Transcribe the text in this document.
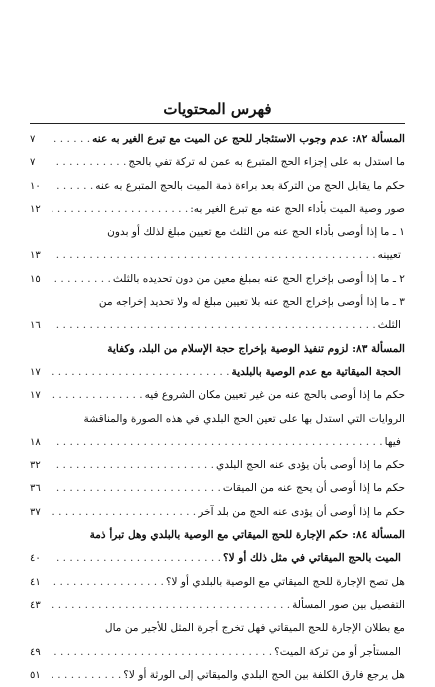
فهرس المحتويات
المسألة ٨٢: عدم وجوب الاستئجار للحج عن الميت مع تبرع الغير به عنه
. . .
٧
ما استدل به على إجزاء الحج المتبرع به عمن له تركة تفي بالحج
. . .
٧
حكم ما يقابل الحج من التركة بعد براءة ذمة الميت بالحج المتبرع به عنه
. . .
١٠
صور وصية الميت بأداء الحج عنه مع تبرع الغير به:
. . .
١٢
١ ـ ما إذا أوصى بأداء الحج عنه من الثلث مع تعيين مبلغ لذلك أو بدون
تعيينه
. . .
١٣
٢ ـ ما إذا أوصى بإخراج الحج عنه بمبلغ معين من دون تحديده بالثلث
. . .
١٥
٣ ـ ما إذا أوصى بإخراج الحج عنه بلا تعيين مبلغ له ولا تحديد إخراجه من
الثلث
. . .
١٦
المسألة ٨٣: لزوم تنفيذ الوصية بإخراج حجة الإسلام من البلد، وكفاية
الحجة الميقاتية مع عدم الوصية بالبلدية
. . .
١٧
حكم ما إذا أوصى بالحج عنه من غير تعيين مكان الشروع فيه
. . .
١٧
الروايات التي استدل بها على تعين الحج البلدي في هذه الصورة والمناقشة
فيها
. . .
١٨
حكم ما إذا أوصى بأن يؤدى عنه الحج البلدي
. . .
٣٢
حكم ما إذا أوصى أن يحج عنه من الميقات
. . .
٣٦
حكم ما إذا أوصى أن يؤدى عنه الحج من بلد آخر
. . .
٣٧
المسألة ٨٤: حكم الإجارة للحج الميقاتي مع الوصية بالبلدي وهل تبرأ ذمة
الميت بالحج الميقاتي في مثل ذلك أو لا؟
. . .
٤٠
هل تصح الإجارة للحج الميقاتي مع الوصية بالبلدي أو لا؟
. . .
٤١
التفصيل بين صور المسألة
. . .
٤٣
مع بطلان الإجارة للحج الميقاتي فهل تخرج أجرة المثل للأجير من مال
المستأجر أو من تركة الميت؟
. . .
٤٩
هل يرجع فارق الكلفة بين الحج البلدي والميقاتي إلى الورثة أو لا؟
. . .
٥١
